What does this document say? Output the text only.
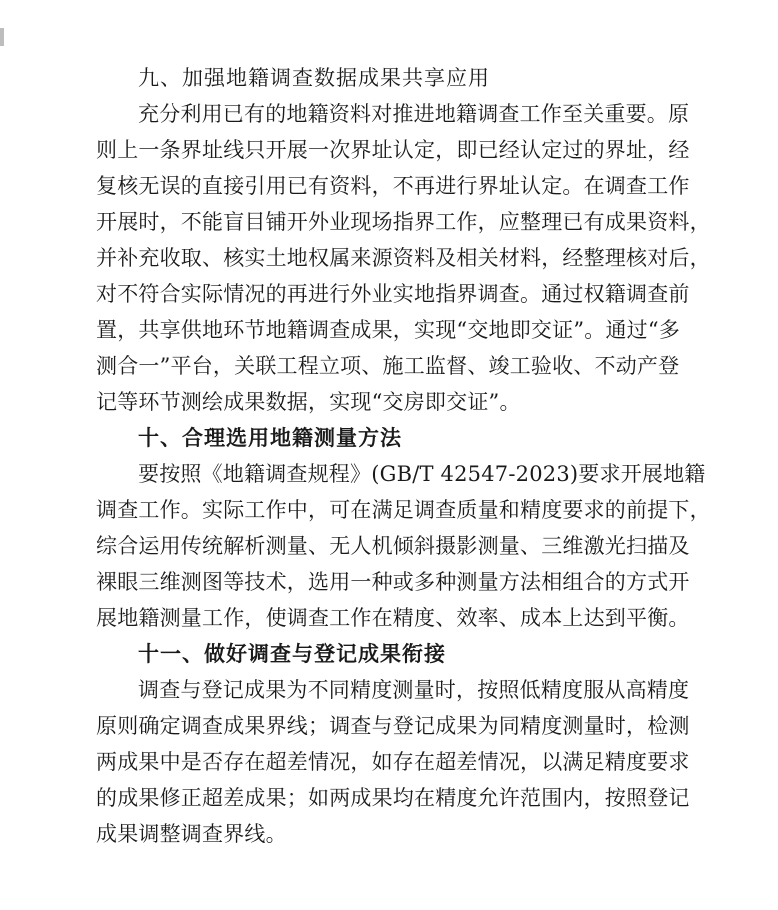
九、加强地籍调查数据成果共享应用

充分利用已有的地籍资料对推进地籍调查工作至关重要。原
则上一条界址线只开展一次界址认定，即已经认定过的界址，经
复核无误的直接引用已有资料，不再进行界址认定。在调查工作
开展时，不能盲目铺开外业现场指界工作，应整理已有成果资料，
并补充收取、核实土地权属来源资料及相关材料，经整理核对后，
对不符合实际情况的再进行外业实地指界调查。通过权籍调查前
置，共享供地环节地籍调查成果，实现“交地即交证”。通过“多
测合一”平台，关联工程立项、施工监督、竣工验收、不动产登
记等环节测绘成果数据，实现“交房即交证”。

十、合理选用地籍测量方法

要按照《地籍调查规程》(GB/T 42547-2023)要求开展地籍
调查工作。实际工作中，可在满足调查质量和精度要求的前提下，
综合运用传统解析测量、无人机倾斜摄影测量、三维激光扫描及
裸眼三维测图等技术，选用一种或多种测量方法相组合的方式开
展地籍测量工作，使调查工作在精度、效率、成本上达到平衡。

十一、做好调查与登记成果衔接

调查与登记成果为不同精度测量时，按照低精度服从高精度
原则确定调查成果界线；调查与登记成果为同精度测量时，检测
两成果中是否存在超差情况，如存在超差情况，以满足精度要求
的成果修正超差成果；如两成果均在精度允许范围内，按照登记
成果调整调查界线。
